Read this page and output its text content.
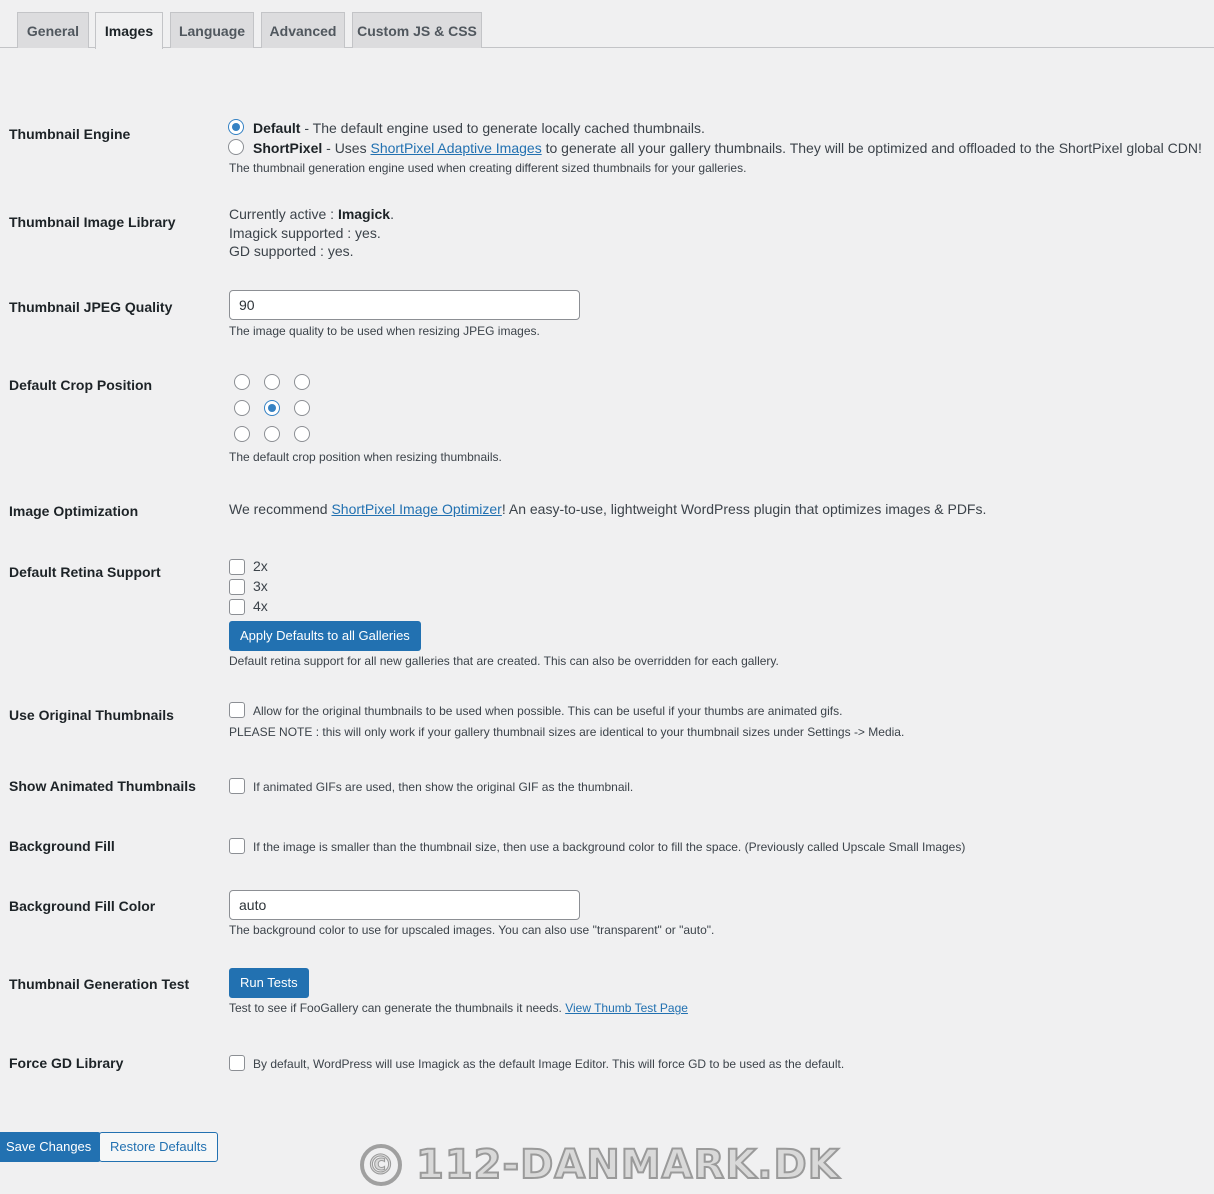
General	Images	Language	Advanced	Custom JS & CSS
Thumbnail Engine	Default - The default engine used to generate locally cached thumbnails.
ShortPixel - Uses ShortPixel Adaptive Images to generate all your gallery thumbnails. They will be optimized and offloaded to the ShortPixel global CDN!
The thumbnail generation engine used when creating different sized thumbnails for your galleries.
Thumbnail Image Library	Currently active : Imagick.
Imagick supported : yes.
GD supported : yes.
Thumbnail JPEG Quality	90
The image quality to be used when resizing JPEG images.
Default Crop Position
The default crop position when resizing thumbnails.
Image Optimization	We recommend ShortPixel Image Optimizer! An easy-to-use, lightweight WordPress plugin that optimizes images & PDFs.
Default Retina Support	2x
3x
4x
Apply Defaults to all Galleries
Default retina support for all new galleries that are created. This can also be overridden for each gallery.
Use Original Thumbnails	Allow for the original thumbnails to be used when possible. This can be useful if your thumbs are animated gifs.
PLEASE NOTE : this will only work if your gallery thumbnail sizes are identical to your thumbnail sizes under Settings -> Media.
Show Animated Thumbnails	If animated GIFs are used, then show the original GIF as the thumbnail.
Background Fill	If the image is smaller than the thumbnail size, then use a background color to fill the space. (Previously called Upscale Small Images)
Background Fill Color	auto
The background color to use for upscaled images. You can also use "transparent" or "auto".
Thumbnail Generation Test	Run Tests
Test to see if FooGallery can generate the thumbnails it needs. View Thumb Test Page
Force GD Library	By default, WordPress will use Imagick as the default Image Editor. This will force GD to be used as the default.
Save Changes	Restore Defaults
© 112-DANMARK.DK
